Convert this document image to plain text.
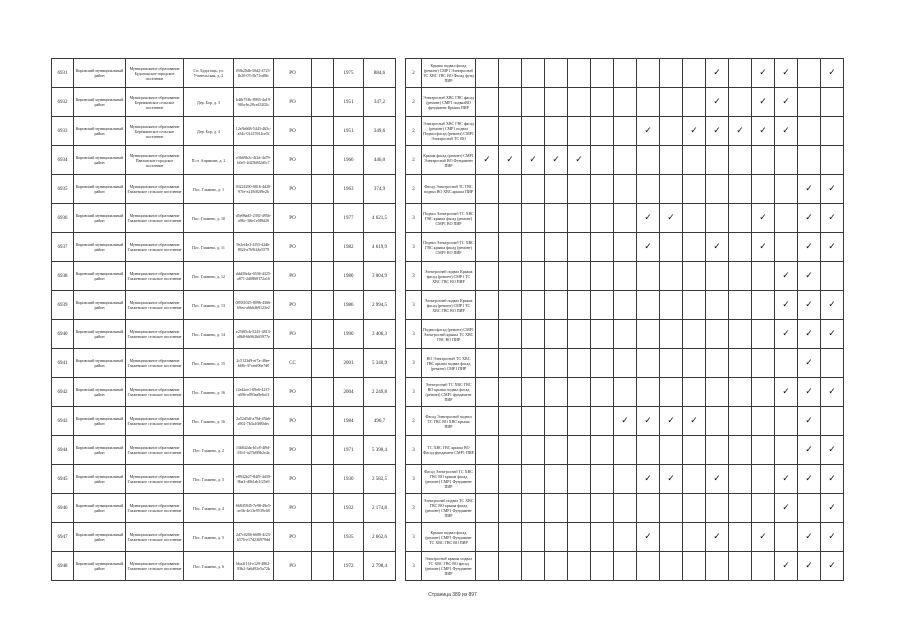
6931	Кировский муниципальный район	Муниципальное образование Будогощское городское поселение	Г.п. Будогощь, ул. Учительская, д. 2	f8fb20db-50d2-4725-fb20-07c5b71cd8fc	РО		1975	884,6		2	Крыша подвал фасад (ремонт) СМР1 Электроснаб ТС ХВС ГВС ВО Фасад фунд ПИР											✓		✓	✓		✓
6932	Кировский муниципальный район	Муниципальное образование Бережковское сельское поселение	Дер. Бор, д. 3	b4fb753b-8993-4a19-9f0a-bc28ce43202c	РО		1951	347,2		2	Электроснаб ХВС ГВС фасад (ремонт) СМР1 подвалВО фундамент Крыша ПИР											✓		✓	✓		
6933	Кировский муниципальный район	Муниципальное образование Бережковское сельское поселение	Дер. Бор, д. 4	12e5b668-5443-465c-a54c-01415914ce5f	РО		1951	349,6		2	Электроснаб ХВС ГВС фасад (ремонт) СМР1 подвал Подвал фасад (ремонт) СМР1 Электроснаб ТС ВО								✓		✓	✓	✓	✓	✓		
6934	Кировский муниципальный район	Муниципальное образование Павловское городское поселение	П.ст. Апраксин, д. 2	e5b69b2c-4f2d-4a79-b0e5-2d25b8f2d5c7	РО		1966	446,0		2	Крыша фасад (ремонт) СМР1 Электроснаб ВО Фундамент ПИР	✓	✓	✓	✓	✓											
6935	Кировский муниципальный район	Муниципальное образование Глажевское сельское поселение	Пос. Глажево, д. 1	39224290-0816-4d20-97fe-e218f82f9e2b	РО		1963	374,9		2	Фасад Электроснаб ТС ГВС подвал ВО ХВС крыша ПИР															✓	✓
6936	Кировский муниципальный район	Муниципальное образование Глажевское сельское поселение	Пос. Глажево, д. 10	d5e98ad5-2392-495b-a96c-3f6e1e086f26	РО		1977	4 621,5		3	Подвал Электроснаб ТС ХВС ГВС крыша фасад (ремонт) СМР1 ВО ПИР								✓	✓				✓		✓	✓
6937	Кировский муниципальный район	Муниципальное образование Глажевское сельское поселение	Пос. Глажево, д. 11	9e2ef4e3-4f53-42db-802f-a7b9f44e5579	РО		1982	4 619,9		3	Подвал Электроснаб ТС ХВС ГВС крыша фасад (ремонт) СМР1 ВО ПИР								✓			✓		✓		✓	✓
6938	Кировский муниципальный район	Муниципальное образование Глажевское сельское поселение	Пос. Глажево, д. 12	ddd39e4a-6536-4325-a871-2d6868172a16	РО		1980	3 004,9		3	Электроснаб подвал Крыша фасад (ремонт) СМР1 ТС ХВС ГВС ВО ПИР														✓	✓	
6939	Кировский муниципальный район	Муниципальное образование Глажевское сельское поселение	Пос. Глажево, д. 13	08581025-8096-4366-b9ea-a6b64b9123e2	РО		1986	2 994,5		3	Электроснаб подвал Крыша фасад (ремонт) СМР1 ТС ХВС ГВС ВО ПИР														✓	✓	✓
6940	Кировский муниципальный район	Муниципальное образование Глажевское сельское поселение	Пос. Глажево, д. 14	e25f85cb-5243-4813-a8b8-6b962b65977e	РО		1990	3 406,3		3	Подвал фасад (ремонт) СМР1 Электроснаб крыша ТС ХВС ГВС ВО ПИР														✓	✓	✓
6941	Кировский муниципальный район	Муниципальное образование Глажевское сельское поселение	Пос. Глажево, д. 15	2c5123d9-ef7a-48ee-b68c-37ceef06e7d0	СС		2001	5 340,9		3	ВО Электроснаб ТС ХВС ГВС крыша подвал фасад (ремонт) СМР1 ПИР															✓	
6942	Кировский муниципальный район	Муниципальное образование Глажевское сельское поселение	Пос. Глажево, д. 16	f2e42ee1-69e6-4237-a69b-a093ea9e6a1f	РО		2004	2 249,8		3	Электроснаб ТС ХВС ГВС ВО крыша подвал фасад (ремонт) СМР1 фундамент ПИР														✓	✓	✓
6943	Кировский муниципальный район	Муниципальное образование Глажевское сельское поселение	Пос. Глажево, д. 16	2a52d5df-a79d-45b6-a902-7b3a1688fdec	РО		1984	496,7		2	Фасад Электроснаб подвал ТС ГВС ВО ХВС крыша ПИР							✓	✓	✓	✓					✓	
6944	Кировский муниципальный район	Муниципальное образование Глажевское сельское поселение	Пос. Глажево, д. 2	f3b842da-b1c8-4f9d-81b1-a27b8f9b2e4a	РО		1971	5 390,4		3	ТС ХВС ГВС крыша ВО Фасад фундамент СМР1 ПИР															✓	✓
6945	Кировский муниципальный район	Муниципальное образование Глажевское сельское поселение	Пос. Глажево, д. 3	e8942b27-84f9-4d39-8ba3-d0b1ab1f25e9	РО		1930	2 582,5		3	Фасад Электроснаб ТС ХВС ГВС ВО крыша фасад (ремонт) СМР1 Фундамент ПИР								✓	✓		✓			✓	✓	✓
6946	Кировский муниципальный район	Муниципальное образование Глажевское сельское поселение	Пос. Глажево, д. 4	66845945-7e98-49e5-ae5b-4e13e9539c68	РО		1932	2 174,8		3	Электроснаб подвал ТС ХВС ГВС ВО крыша фасад (ремонт) СМР1 Фундамент ПИР														✓		✓
6947	Кировский муниципальный район	Муниципальное образование Глажевское сельское поселение	Пос. Глажево, д. 5	2d7c0206-6688-4f23-b576-e17d236979dd	РО		1935	2 662,6		3	Крыша подвал фасад (ремонт) СМР1 Фундамент ТС ХВС ГВС ВО ПИР								✓			✓		✓		✓	✓
6948	Кировский муниципальный район	Муниципальное образование Глажевское сельское поселение	Пос. Глажево, д. 6	bba2f1f4-e129-4862-93b2-3a6d92e5a72b	РО		1972	2 798,4		3	Электроснаб крыша подвал ТС ХВС ГВС ВО фасад (ремонт) СМР1 Фундамент ПИР														✓	✓	✓
Страница 389 из 897
